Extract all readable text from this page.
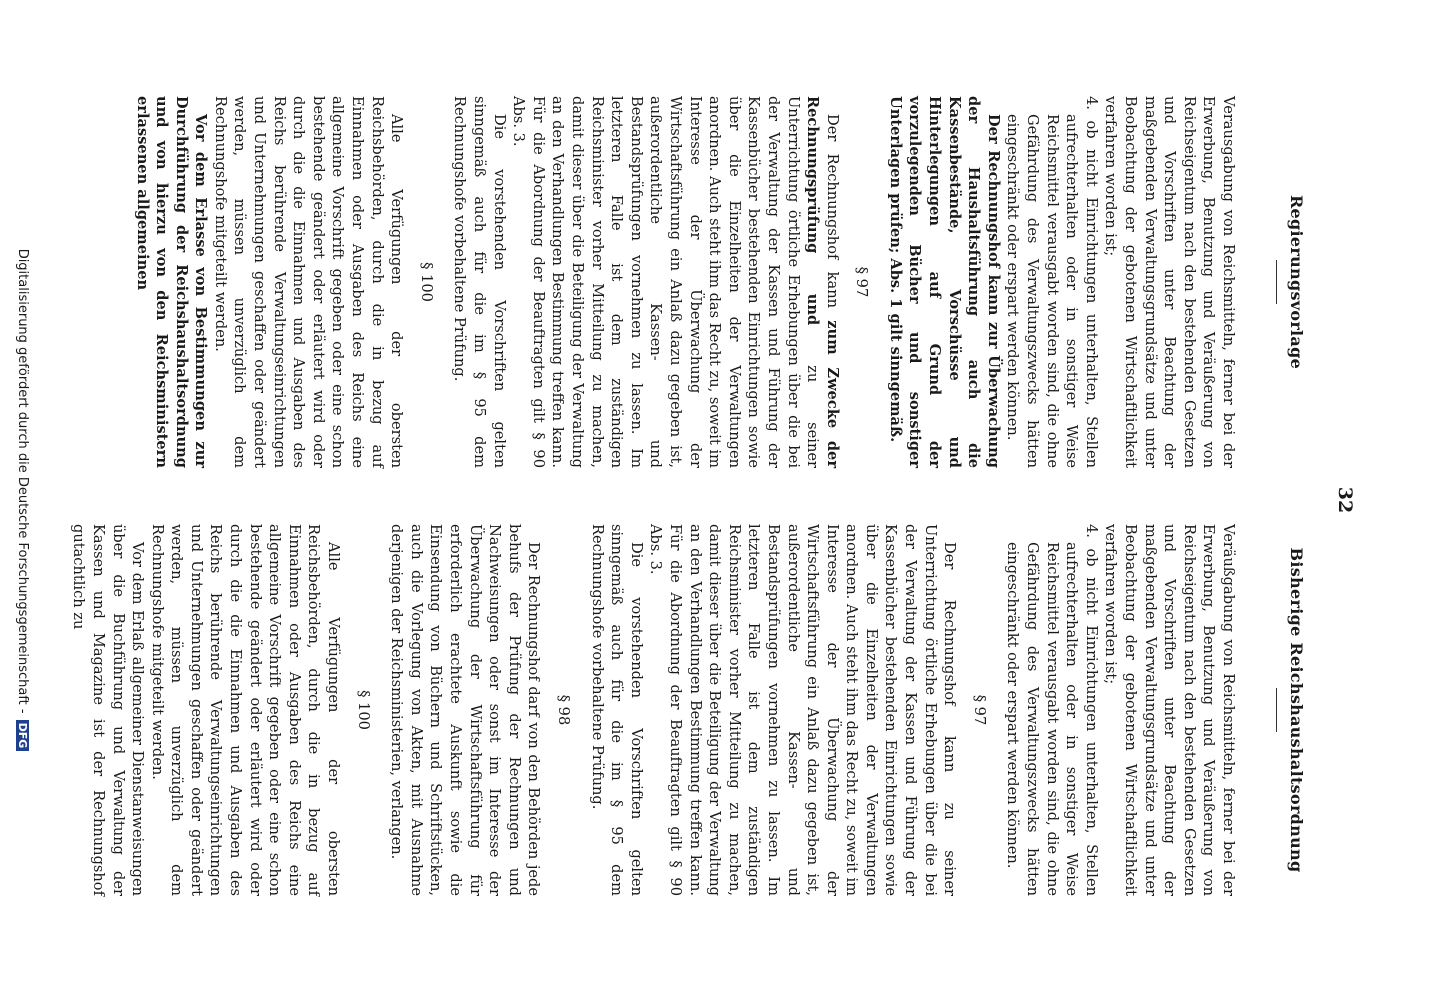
32
Bisherige Reichshaushaltsordnung
Regierungsvorlage

Veräußgabung von Reichsmitteln, ferner bei der Erwerbung, Benutzung und Veräußerung von Reichseigentum nach den bestehenden Gesetzen und Vorschriften unter Beachtung der maßgebenden Verwaltungsgrundsätze und unter Beobachtung der gebotenen Wirtschaftlichkeit verfahren worden ist;

4. ob nicht Einrichtungen unterhalten, Stellen aufrechterhalten oder in sonstiger Weise Reichsmittel verausgabt worden sind, die ohne Gefährdung des Verwaltungszwecks hätten eingeschränkt oder erspart werden können.

§ 97

Der Rechnungshof kann zu seiner Unterrichtung örtliche Erhebungen über die bei der Verwaltung der Kassen und Führung der Kassenbücher bestehenden Einrichtungen sowie über die Einzelheiten der Verwaltungen anordnen. Auch steht ihm das Recht zu, soweit im Interesse der Überwachung der Wirtschaftsführung ein Anlaß dazu gegeben ist, außerordentliche Kassen- und Bestandsprüfungen vornehmen zu lassen. Im letzteren Falle ist dem zuständigen Reichsminister vorher Mitteilung zu machen, damit dieser über die Beteiligung der Verwaltung an den Verhandlungen Bestimmung treffen kann. Für die Abordnung der Beauftragten gilt § 90 Abs. 3.

Die vorstehenden Vorschriften gelten sinngemäß auch für die im § 95 dem Rechnungshofe vorbehaltene Prüfung.

§ 98

Der Rechnungshof darf von den Behörden jede behufs der Prüfung der Rechnungen und Nachweisungen oder sonst im Interesse der Überwachung der Wirtschaftsführung für erforderlich erachtete Auskunft sowie die Einsendung von Büchern und Schriftstücken, auch die Vorlegung von Akten, mit Ausnahme derjenigen der Reichsministerien, verlangen.

§ 100

Alle Verfügungen der obersten Reichsbehörden, durch die in bezug auf Einnahmen oder Ausgaben des Reichs eine allgemeine Vorschrift gegeben oder eine schon bestehende geändert oder erläutert wird oder durch die die Einnahmen und Ausgaben des Reichs berührende Verwaltungseinrichtungen und Unternehmungen geschaffen oder geändert werden, müssen unverzüglich dem Rechnungshofe mitgeteilt werden.

Vor dem Erlaß allgemeiner Dienstanweisungen über die Buchführung und Verwaltung der Kassen und Magazine ist der Rechnungshof gutachtlich zu

Verausgabung von Reichsmitteln, ferner bei der Erwerbung, Benutzung und Veräußerung von Reichseigentum nach den bestehenden Gesetzen und Vorschriften unter Beachtung der maßgebenden Verwaltungsgrundsätze und unter Beobachtung der gebotenen Wirtschaftlichkeit verfahren worden ist;

4. ob nicht Einrichtungen unterhalten, Stellen aufrechterhalten oder in sonstiger Weise Reichsmittel verausgabt worden sind, die ohne Gefährdung des Verwaltungszwecks hätten eingeschränkt oder erspart werden können.

Der Rechnungshof kann zur Überwachung der Haushaltsführung auch die Kassenbestände, Vorschüsse und Hinterlegungen auf Grund der vorzulegenden Bücher und sonstiger Unterlagen prüfen; Abs. 1 gilt sinngemäß.

§ 97

Der Rechnungshof kann zum Zwecke der Rechnungsprüfung und zu seiner Unterrichtung örtliche Erhebungen über die bei der Verwaltung der Kassen und Führung der Kassenbücher bestehenden Einrichtungen sowie über die Einzelheiten der Verwaltungen anordnen. Auch steht ihm das Recht zu, soweit im Interesse der Überwachung der Wirtschaftsführung ein Anlaß dazu gegeben ist, außerordentliche Kassen- und Bestandsprüfungen vornehmen zu lassen. Im letzteren Falle ist dem zuständigen Reichsminister vorher Mitteilung zu machen, damit dieser über die Beteiligung der Verwaltung an den Verhandlungen Bestimmung treffen kann. Für die Abordnung der Beauftragten gilt § 90 Abs. 3.

Die vorstehenden Vorschriften gelten sinngemäß auch für die im § 95 dem Rechnungshofe vorbehaltene Prüfung.

§ 100

Alle Verfügungen der obersten Reichsbehörden, durch die in bezug auf Einnahmen oder Ausgaben des Reichs eine allgemeine Vorschrift gegeben oder eine schon bestehende geändert oder erläutert wird oder durch die die Einnahmen und Ausgaben des Reichs berührende Verwaltungseinrichtungen und Unternehmungen geschaffen oder geändert werden, müssen unverzüglich dem Rechnungshofe mitgeteilt werden.

Vor dem Erlasse von Bestimmungen zur Durchführung der Reichshaushaltsordnung und von hierzu von den Reichsministern erlassenen allgemeinen

Digitalisierung gefördert durch die Deutsche Forschungsgemeinschaft -DFG
